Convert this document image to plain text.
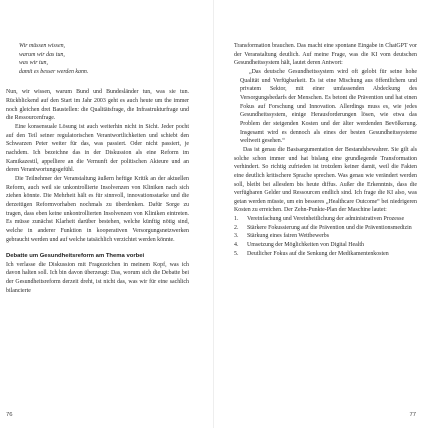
Wir müssen wissen,
warum wir das tun,
was wir tun,
damit es besser werden kann.

Nun, wir wissen, warum Bund und Bundesländer tun, was sie tun. Rückblickend auf den Start im Jahr 2003 geht es auch heute um the immer noch gleichen drei Baustellen: die Qualitätsfrage, die Infrastrukturfrage und die Ressourcenfrage.

Eine konsensuale Lösung ist auch weiterhin nicht in Sicht. Jeder pocht auf den Teil seiner regulatorischen Verantwortlichkeiten und schiebt den Schwarzen Peter weiter für das, was passiert. Oder nicht passiert, je nachdem. Ich bezeichne das in der Diskussion als eine Reform im Kamikazestil, appelliere an die Vernunft der politischen Akteure und an deren Verantwortungsgefühl.

Die Teilnehmer der Veranstaltung äußern heftige Kritik an der aktuellen Reform, auch weil sie unkontrollierte Insolvenzen von Kliniken nach sich ziehen könnte. Die Mehrheit hält es für sinnvoll, innovationsstarke und die derzeitigen Reformvorhaben nochmals zu überdenken. Dafür Sorge zu tragen, dass eben keine unkontrollierten Insolvenzen von Kliniken eintreten. Es müsse zunächst Klarheit darüber bestehen, welche künftig nötig sind, welche in anderer Funktion in kooperativen Versorgungsnetzwerken gebraucht werden und auf welche tatsächlich verzichtet werden könnte.

Debatte um Gesundheitsreform am Thema vorbei

Ich verlasse die Diskussion mit Fragezeichen in meinem Kopf, was ich davon halten soll. Ich bin davon überzeugt: Das, worum sich die Debatte bei der Gesundheitsreform derzeit dreht, ist nicht das, was wir für eine sachlich bilancierte

76

Transformation brauchen. Das macht eine spontane Eingabe in ChatGPT vor der Veranstaltung deutlich. Auf meine Frage, was die KI vom deutschen Gesundheitssystem hält, lautet deren Antwort:

„Das deutsche Gesundheitssystem wird oft gelobt für seine hohe Qualität und Verfügbarkeit. Es ist eine Mischung aus öffentlichem und privatem Sektor, mit einer umfassenden Abdeckung des Versorgungsbedarfs der Menschen. Es betont die Prävention und hat einen Fokus auf Forschung und Innovation. Allerdings muss es, wie jedes Gesundheitssystem, einige Herausforderungen lösen, wie etwa das Problem der steigenden Kosten und der älter werdenden Bevölkerung. Insgesamt wird es dennoch als eines der besten Gesundheitssysteme weltweit gesehen.“

Das ist genau die Basisargumentation der Bestandsbewahrer. Sie gilt als solche schon immer und hat bislang eine grundlegende Transformation verhindert. So richtig zufrieden ist trotzdem keiner damit, weil die Fakten eine deutlich kritischere Sprache sprechen. Was genau wie verändert werden soll, bleibt bei allesdem bis heute diffus. Außer die Erkenntnis, dass die verfügbaren Gelder und Ressourcen endlich sind. Ich frage die KI also, was getan werden müsste, um ein besseres „Healthcare Outcome“ bei niedrigeren Kosten zu erreichen. Der Zehn-Punkte-Plan der Maschine lautet:

1. Vereinfachung und Vereinheitlichung der administrativen Prozesse
2. Stärkere Fokussierung auf die Prävention und die Präventionsmedizin
3. Stärkung eines fairen Wettbewerbs
4. Umsetzung der Möglichkeiten von Digital Health
5. Deutlicher Fokus auf die Senkung der Medikamentenkosten
77
